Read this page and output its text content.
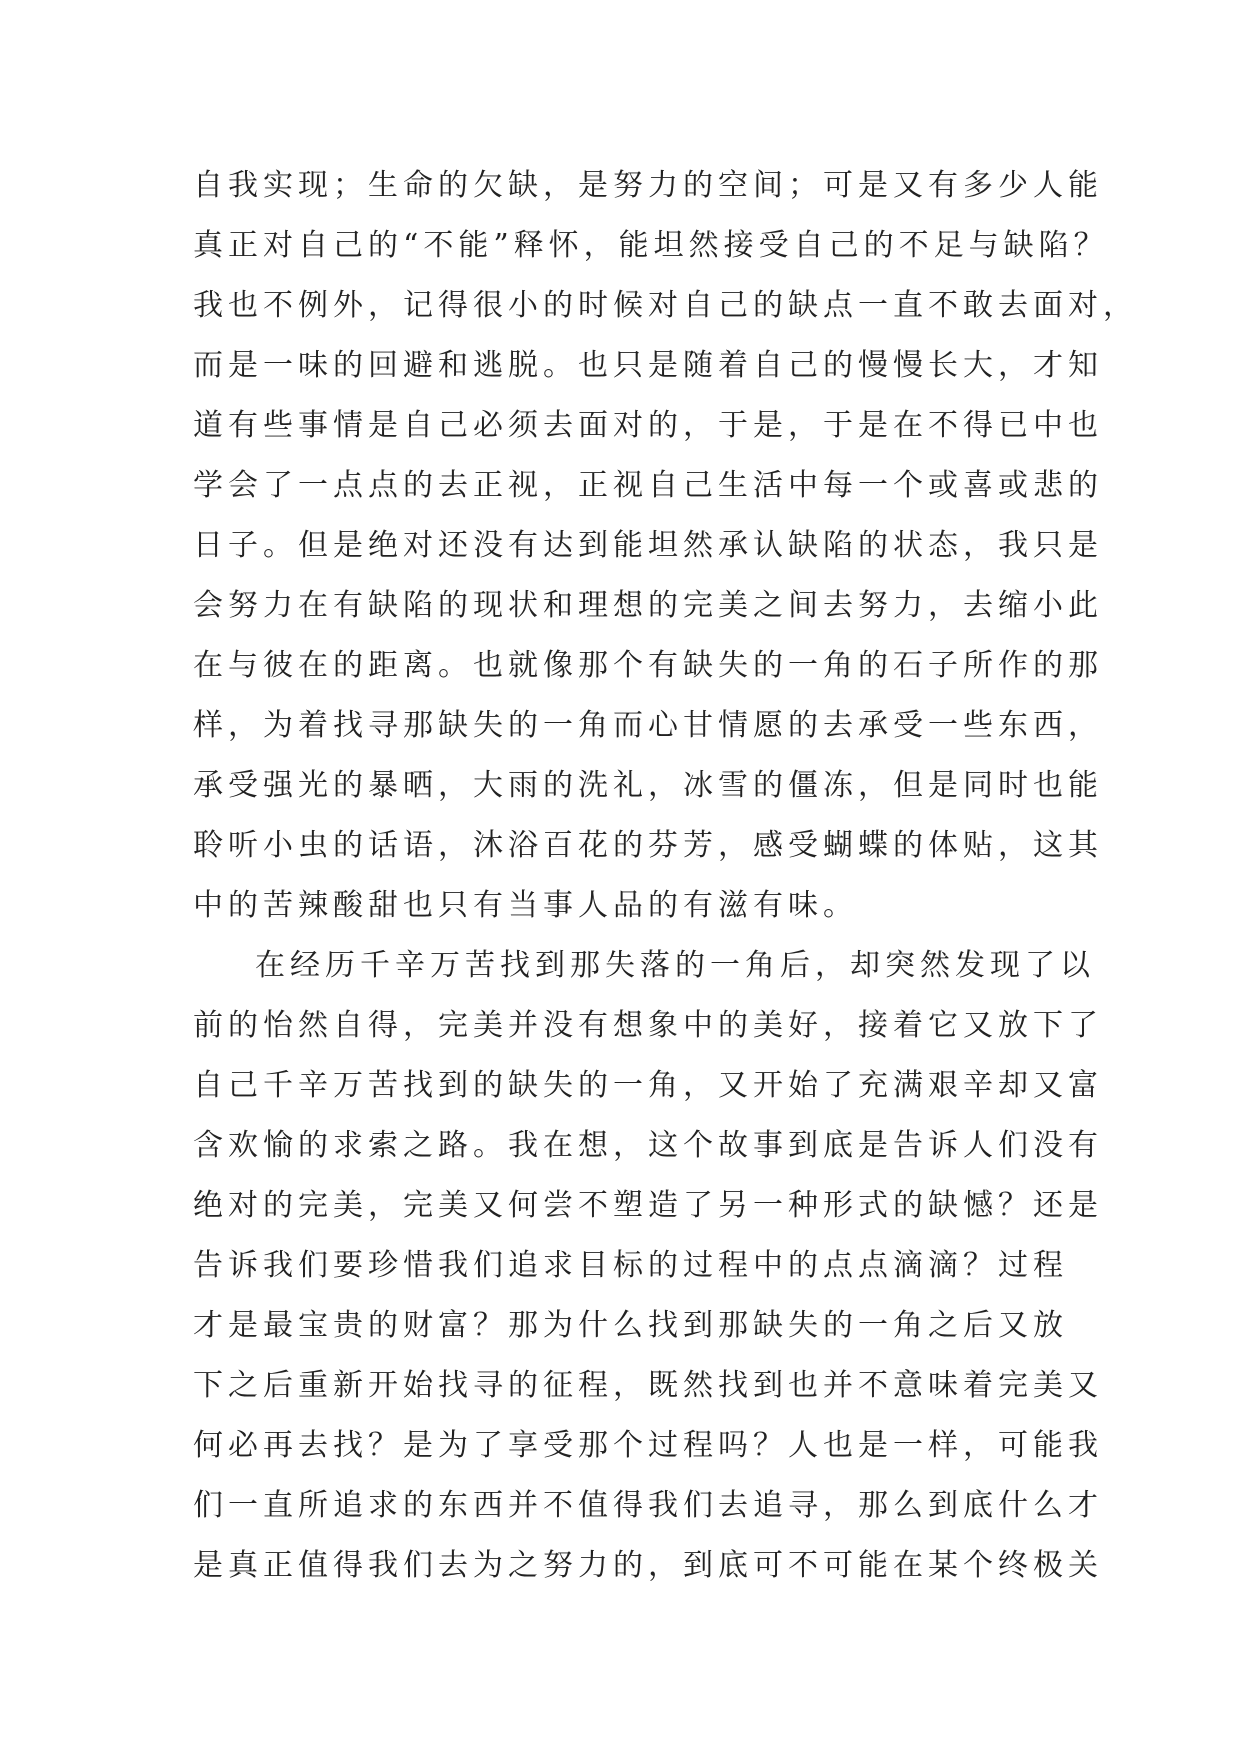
自我实现；生命的欠缺，是努力的空间；可是又有多少人能
真正对自己的“不能”释怀，能坦然接受自己的不足与缺陷？
我也不例外，记得很小的时候对自己的缺点一直不敢去面对，
而是一味的回避和逃脱。也只是随着自己的慢慢长大，才知
道有些事情是自己必须去面对的，于是，于是在不得已中也
学会了一点点的去正视，正视自己生活中每一个或喜或悲的
日子。但是绝对还没有达到能坦然承认缺陷的状态，我只是
会努力在有缺陷的现状和理想的完美之间去努力，去缩小此
在与彼在的距离。也就像那个有缺失的一角的石子所作的那
样，为着找寻那缺失的一角而心甘情愿的去承受一些东西，
承受强光的暴晒，大雨的洗礼，冰雪的僵冻，但是同时也能
聆听小虫的话语，沐浴百花的芬芳，感受蝴蝶的体贴，这其
中的苦辣酸甜也只有当事人品的有滋有味。
在经历千辛万苦找到那失落的一角后，却突然发现了以
前的怡然自得，完美并没有想象中的美好，接着它又放下了
自己千辛万苦找到的缺失的一角，又开始了充满艰辛却又富
含欢愉的求索之路。我在想，这个故事到底是告诉人们没有
绝对的完美，完美又何尝不塑造了另一种形式的缺憾？还是
告诉我们要珍惜我们追求目标的过程中的点点滴滴？过程
才是最宝贵的财富？那为什么找到那缺失的一角之后又放
下之后重新开始找寻的征程，既然找到也并不意味着完美又
何必再去找？是为了享受那个过程吗？人也是一样，可能我
们一直所追求的东西并不值得我们去追寻，那么到底什么才
是真正值得我们去为之努力的，到底可不可能在某个终极关
